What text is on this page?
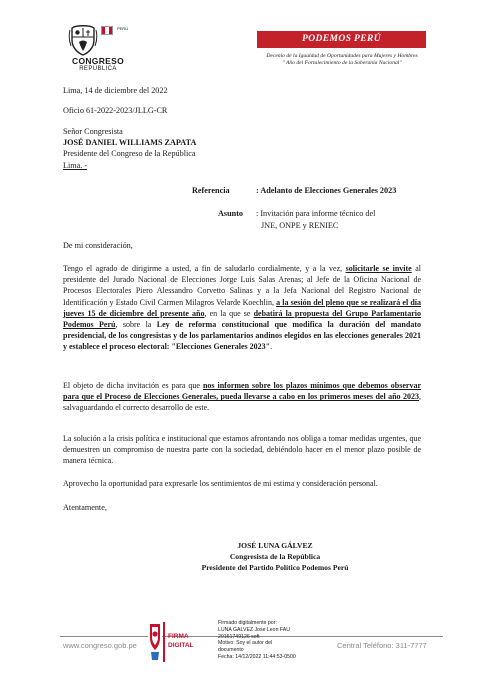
PERÚ
CONGRESO
REPÚBLICA
PODEMOS PERÚ
Decenio de la Igualdad de Oportunidades para Mujeres y Hombres
" Año del Fortalecimiento de la Soberanía Nacional"
Lima, 14 de diciembre del 2022
Oficio 61-2022-2023/JLLG-CR
Señor Congresista
JOSÉ DANIEL WILLIAMS ZAPATA
Presidente del Congreso de la República
Lima. -
Referencia	: Adelanto de Elecciones Generales 2023
Asunto : Invitación para informe técnico del
JNE, ONPE y RENIEC
De mi consideración,
Tengo el agrado de dirigirme a usted, a fin de saludarlo cordialmente, y a la vez, solicitarle se invite al presidente del Jurado Nacional de Elecciones Jorge Luis Salas Arenas; al Jefe de la Oficina Nacional de Procesos Electorales Piero Alessandro Corvetto Salinas y a la Jefa Nacional del Registro Nacional de Identificación y Estado Civil Carmen Milagros Velarde Koechlin, a la sesión del pleno que se realizará el día jueves 15 de diciembre del presente año, en la que se debatirá la propuesta del Grupo Parlamentario Podemos Perú, sobre la Ley de reforma constitucional que modifica la duración del mandato presidencial, de los congresistas y de los parlamentarios andinos elegidos en las elecciones generales 2021 y establece el proceso electoral: "Elecciones Generales 2023".
El objeto de dicha invitación es para que nos informen sobre los plazos mínimos que debemos observar para que el Proceso de Elecciones Generales, pueda llevarse a cabo en los primeros meses del año 2023, salvaguardando el correcto desarrollo de este.
La solución a la crisis política e institucional que estamos afrontando nos obliga a tomar medidas urgentes, que demuestren un compromiso de nuestra parte con la sociedad, debiéndolo hacer en el menor plazo posible de manera técnica.
Aprovecho la oportunidad para expresarle los sentimientos de mi estima y consideración personal.
Atentamente,
JOSÉ LUNA GÁLVEZ
Congresista de la República
Presidente del Partido Político Podemos Perú
www.congreso.gob.pe	Central Teléfono: 311-7777
FIRMA
DIGITAL
Firmado digitalmente por:
LUNA GALVEZ Jose Leon FAU
20161749126 soft
Motivo: Soy el autor del
documento
Fecha: 14/12/2022 11:44:53-0500
